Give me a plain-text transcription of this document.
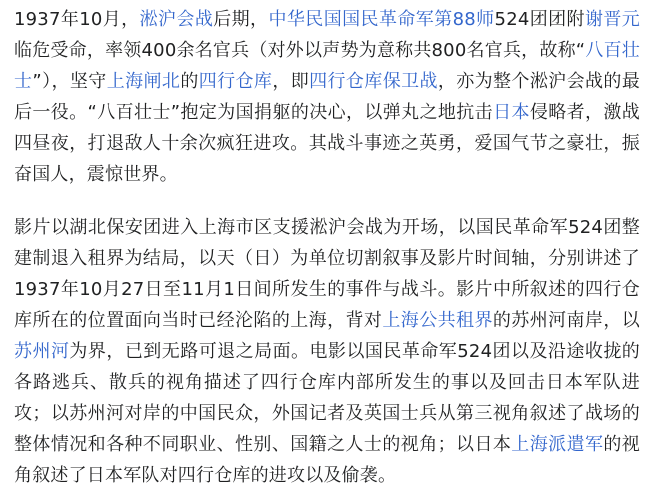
1937年10月，淞沪会战后期，中华民国国民革命军第88师524团团附谢晋元临危受命，率领400余名官兵（对外以声势为意称共800名官兵，故称“八百壮士”），坚守上海闸北的四行仓库，即四行仓库保卫战，亦为整个淞沪会战的最后一役。“八百壮士”抱定为国捐躯的决心，以弹丸之地抗击日本侵略者，激战四昼夜，打退敌人十余次疯狂进攻。其战斗事迹之英勇，爱国气节之豪壮，振奋国人，震惊世界。

影片以湖北保安团进入上海市区支援淞沪会战为开场，以国民革命军524团整建制退入租界为结局，以天（日）为单位切割叙事及影片时间轴，分别讲述了1937年10月27日至11月1日间所发生的事件与战斗。影片中所叙述的四行仓库所在的位置面向当时已经沦陷的上海，背对上海公共租界的苏州河南岸，以苏州河为界，已到无路可退之局面。电影以国民革命军524团以及沿途收拢的各路逃兵、散兵的视角描述了四行仓库内部所发生的事以及回击日本军队进攻；以苏州河对岸的中国民众，外国记者及英国士兵从第三视角叙述了战场的整体情况和各种不同职业、性别、国籍之人士的视角；以日本上海派遣军的视角叙述了日本军队对四行仓库的进攻以及偷袭。
